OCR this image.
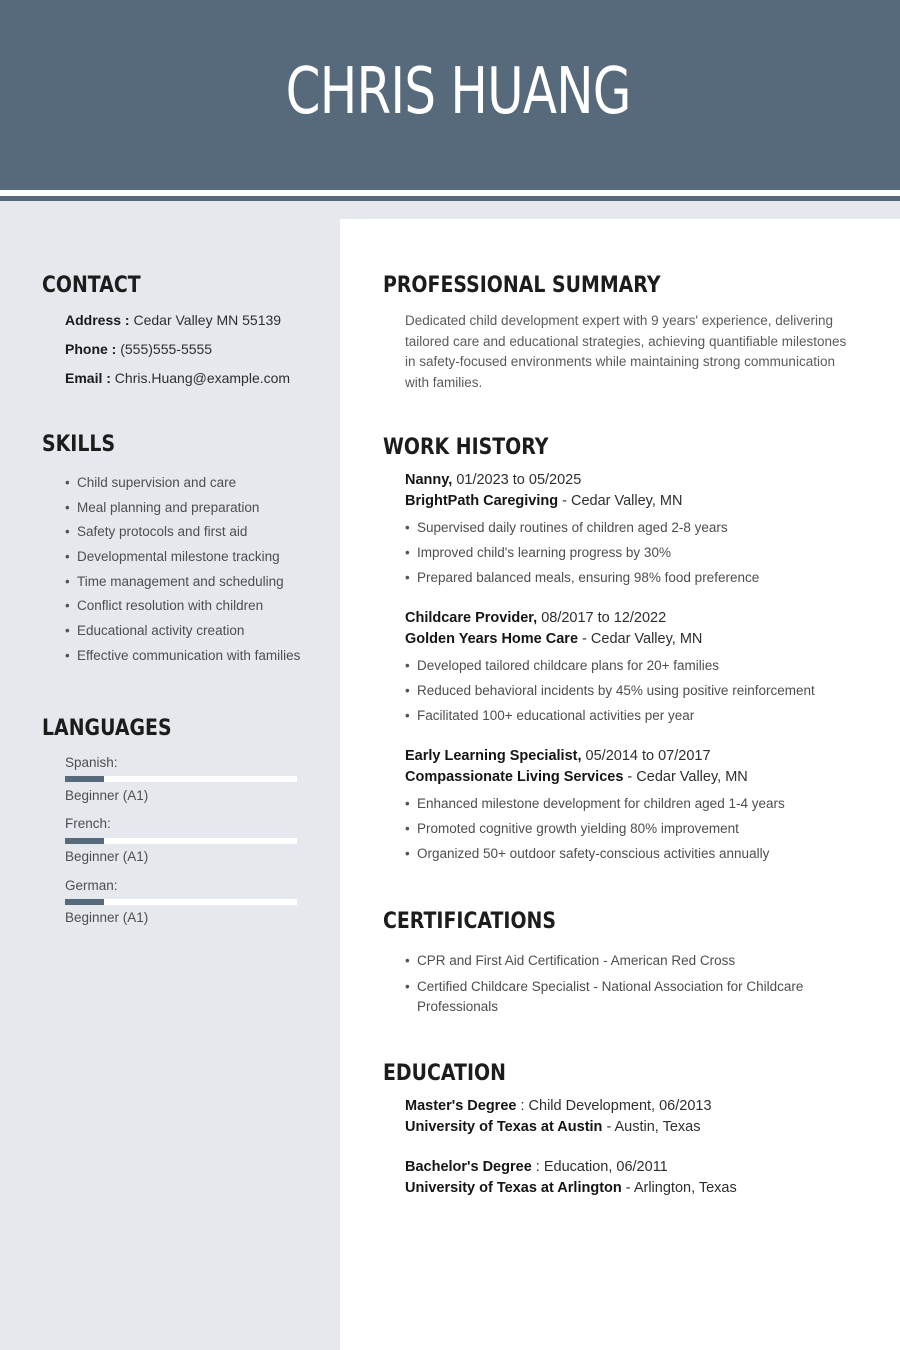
CHRIS HUANG
CONTACT
Address : Cedar Valley MN 55139
Phone : (555)555-5555
Email : Chris.Huang@example.com
SKILLS
• Child supervision and care
• Meal planning and preparation
• Safety protocols and first aid
• Developmental milestone tracking
• Time management and scheduling
• Conflict resolution with children
• Educational activity creation
• Effective communication with families
LANGUAGES
Spanish:
Beginner (A1)
French:
Beginner (A1)
German:
Beginner (A1)
PROFESSIONAL SUMMARY

Dedicated child development expert with 9 years' experience, delivering tailored care and educational strategies, achieving quantifiable milestones in safety-focused environments while maintaining strong communication with families.

WORK HISTORY
Nanny, 01/2023 to 05/2025
BrightPath Caregiving - Cedar Valley, MN
• Supervised daily routines of children aged 2-8 years
• Improved child's learning progress by 30%
• Prepared balanced meals, ensuring 98% food preference
Childcare Provider, 08/2017 to 12/2022
Golden Years Home Care - Cedar Valley, MN
• Developed tailored childcare plans for 20+ families
• Reduced behavioral incidents by 45% using positive reinforcement
• Facilitated 100+ educational activities per year
Early Learning Specialist, 05/2014 to 07/2017
Compassionate Living Services - Cedar Valley, MN
• Enhanced milestone development for children aged 1-4 years
• Promoted cognitive growth yielding 80% improvement
• Organized 50+ outdoor safety-conscious activities annually
CERTIFICATIONS
• CPR and First Aid Certification - American Red Cross
• Certified Childcare Specialist - National Association for Childcare Professionals
EDUCATION
Master's Degree : Child Development, 06/2013
University of Texas at Austin - Austin, Texas
Bachelor's Degree : Education, 06/2011
University of Texas at Arlington - Arlington, Texas
